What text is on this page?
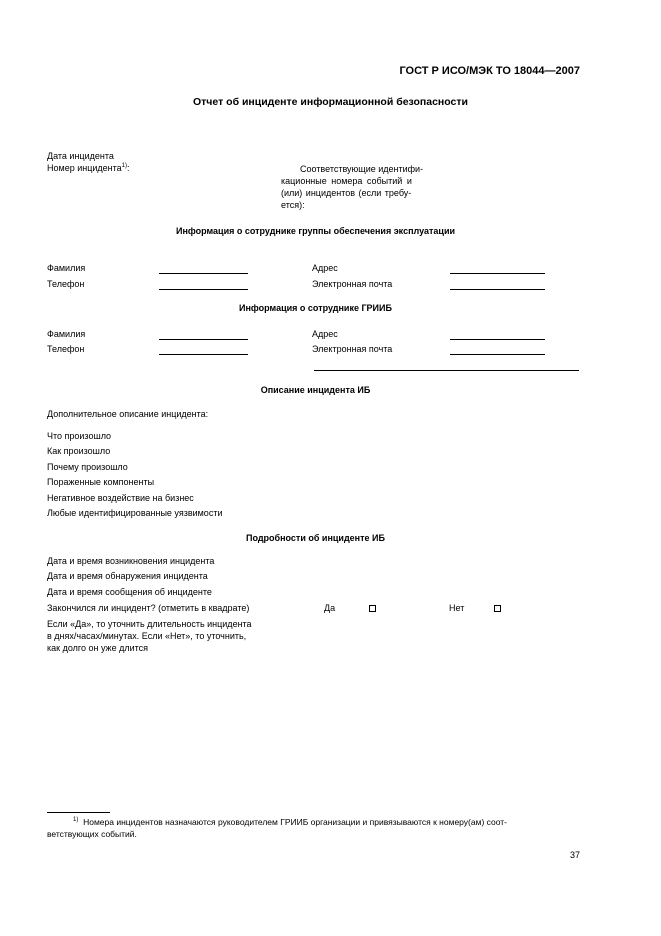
ГОСТ Р ИСО/МЭК ТО 18044—2007
Отчет об инциденте информационной безопасности
Дата инцидента
Номер инцидента$^{1)}$:	Соответствующие идентифи-
кационные номера событий и
(или) инцидентов (если требу-
ется):
Информация о сотруднике группы обеспечения эксплуатации
Фамилия	Адрес
Телефон	Электронная почта
Информация о сотруднике ГРИИБ
Фамилия	Адрес
Телефон	Электронная почта
Описание инцидента ИБ
Дополнительное описание инцидента:
Что произошло
Как произошло
Почему произошло
Пораженные компоненты
Негативное воздействие на бизнес
Любые идентифицированные уязвимости
Подробности об инциденте ИБ
Дата и время возникновения инцидента
Дата и время обнаружения инцидента
Дата и время сообщения об инциденте
Закончился ли инцидент? (отметить в квадрате)	Да	Нет
Если «Да», то уточнить длительность инцидента
в днях/часах/минутах. Если «Нет», то уточнить,
как долго он уже длится
$^{1)}$ Номера инцидентов назначаются руководителем ГРИИБ организации и привязываются к номеру(ам) соот-
ветствующих событий.
37
